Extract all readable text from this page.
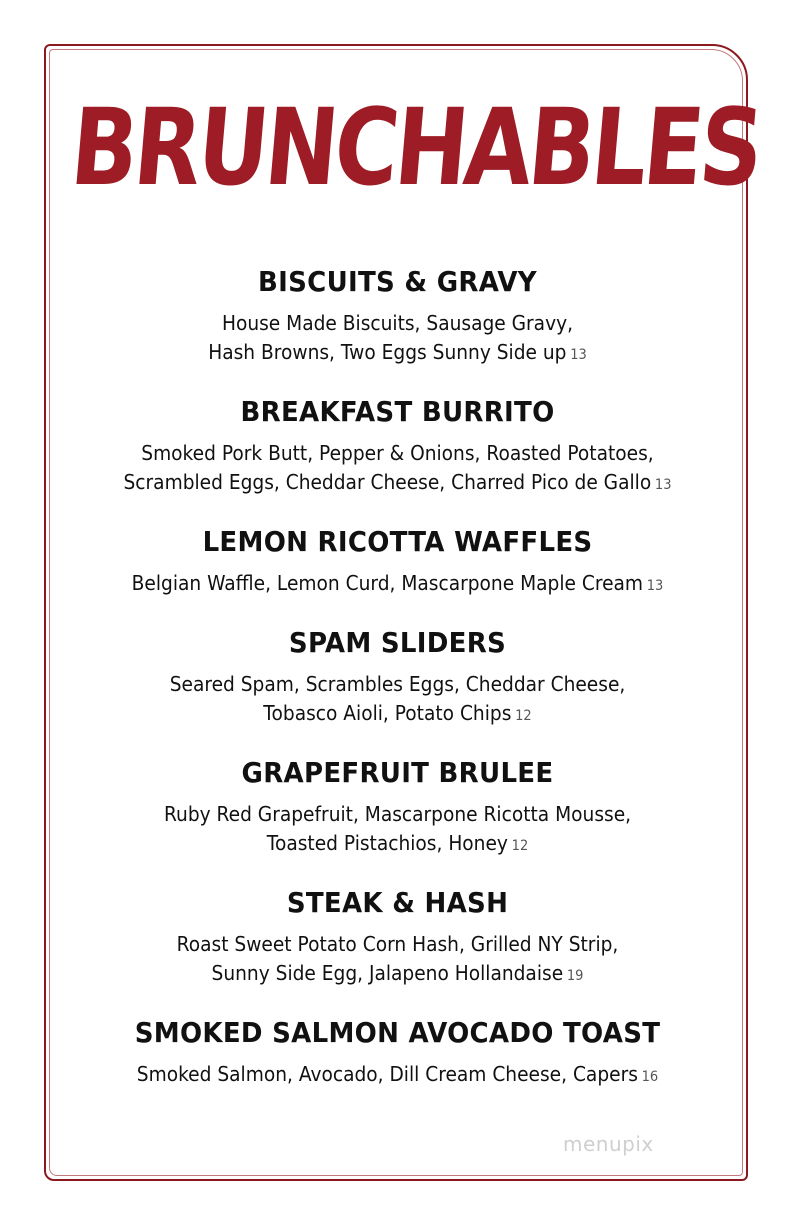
BRUNCHABLES
BISCUITS & GRAVY
House Made Biscuits, Sausage Gravy,
Hash Browns, Two Eggs Sunny Side up 13
BREAKFAST BURRITO
Smoked Pork Butt, Pepper & Onions, Roasted Potatoes,
Scrambled Eggs, Cheddar Cheese, Charred Pico de Gallo 13
LEMON RICOTTA WAFFLES
Belgian Waffle, Lemon Curd, Mascarpone Maple Cream 13
SPAM SLIDERS
Seared Spam, Scrambles Eggs, Cheddar Cheese,
Tobasco Aioli, Potato Chips 12
GRAPEFRUIT BRULEE
Ruby Red Grapefruit, Mascarpone Ricotta Mousse,
Toasted Pistachios, Honey 12
STEAK & HASH
Roast Sweet Potato Corn Hash, Grilled NY Strip,
Sunny Side Egg, Jalapeno Hollandaise 19
SMOKED SALMON AVOCADO TOAST
Smoked Salmon, Avocado, Dill Cream Cheese, Capers 16
menupix
